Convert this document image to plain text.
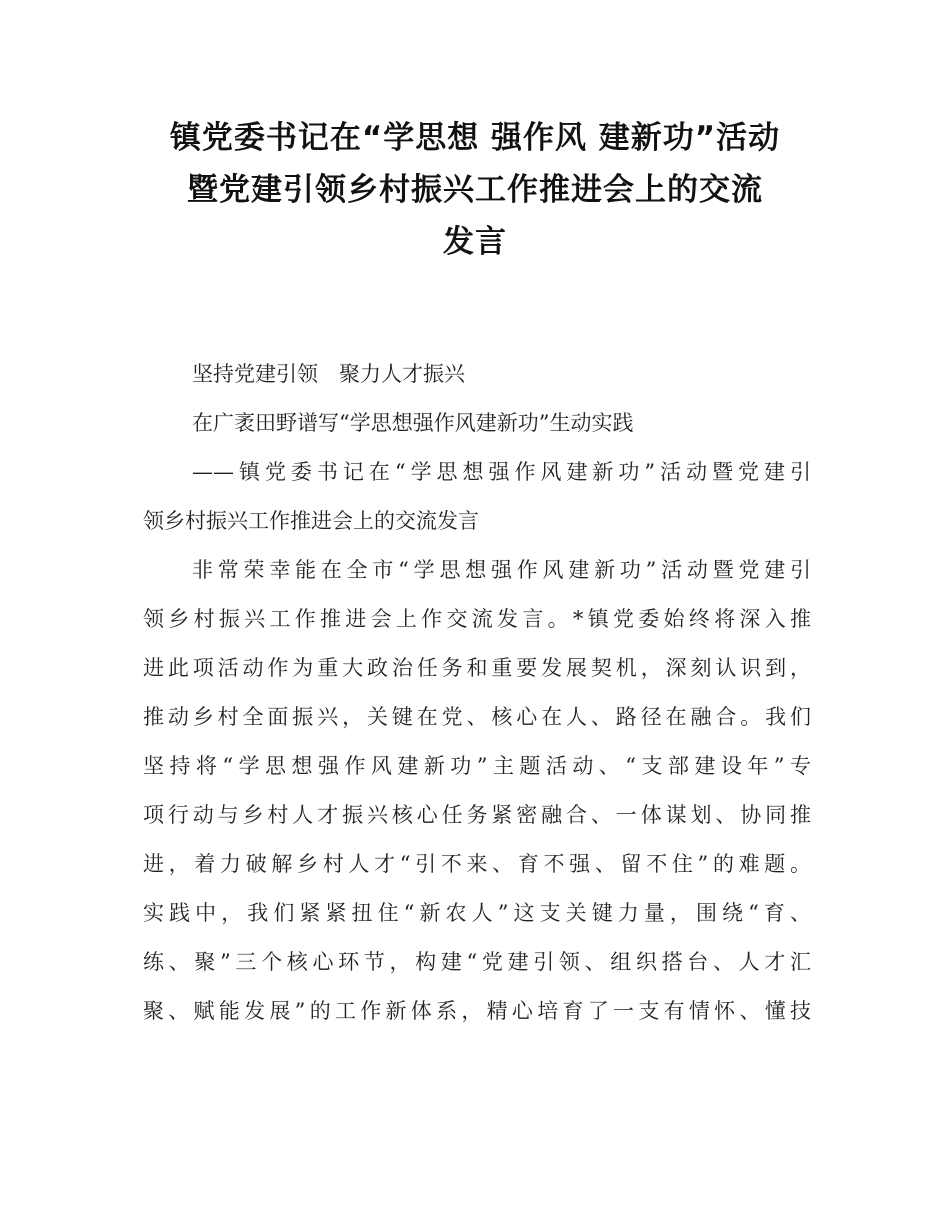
镇党委书记在“学思想 强作风 建新功”活动
暨党建引领乡村振兴工作推进会上的交流
发言

坚持党建引领　聚力人才振兴

在广袤田野谱写“学思想强作风建新功”生动实践

——镇党委书记在“学思想强作风建新功”活动暨党建引
领乡村振兴工作推进会上的交流发言

非常荣幸能在全市“学思想强作风建新功”活动暨党建引
领乡村振兴工作推进会上作交流发言。*镇党委始终将深入推
进此项活动作为重大政治任务和重要发展契机，深刻认识到，
推动乡村全面振兴，关键在党、核心在人、路径在融合。我们
坚持将“学思想强作风建新功”主题活动、“支部建设年”专
项行动与乡村人才振兴核心任务紧密融合、一体谋划、协同推
进，着力破解乡村人才“引不来、育不强、留不住”的难题。
实践中，我们紧紧扭住“新农人”这支关键力量，围绕“育、
练、聚”三个核心环节，构建“党建引领、组织搭台、人才汇
聚、赋能发展”的工作新体系，精心培育了一支有情怀、懂技
